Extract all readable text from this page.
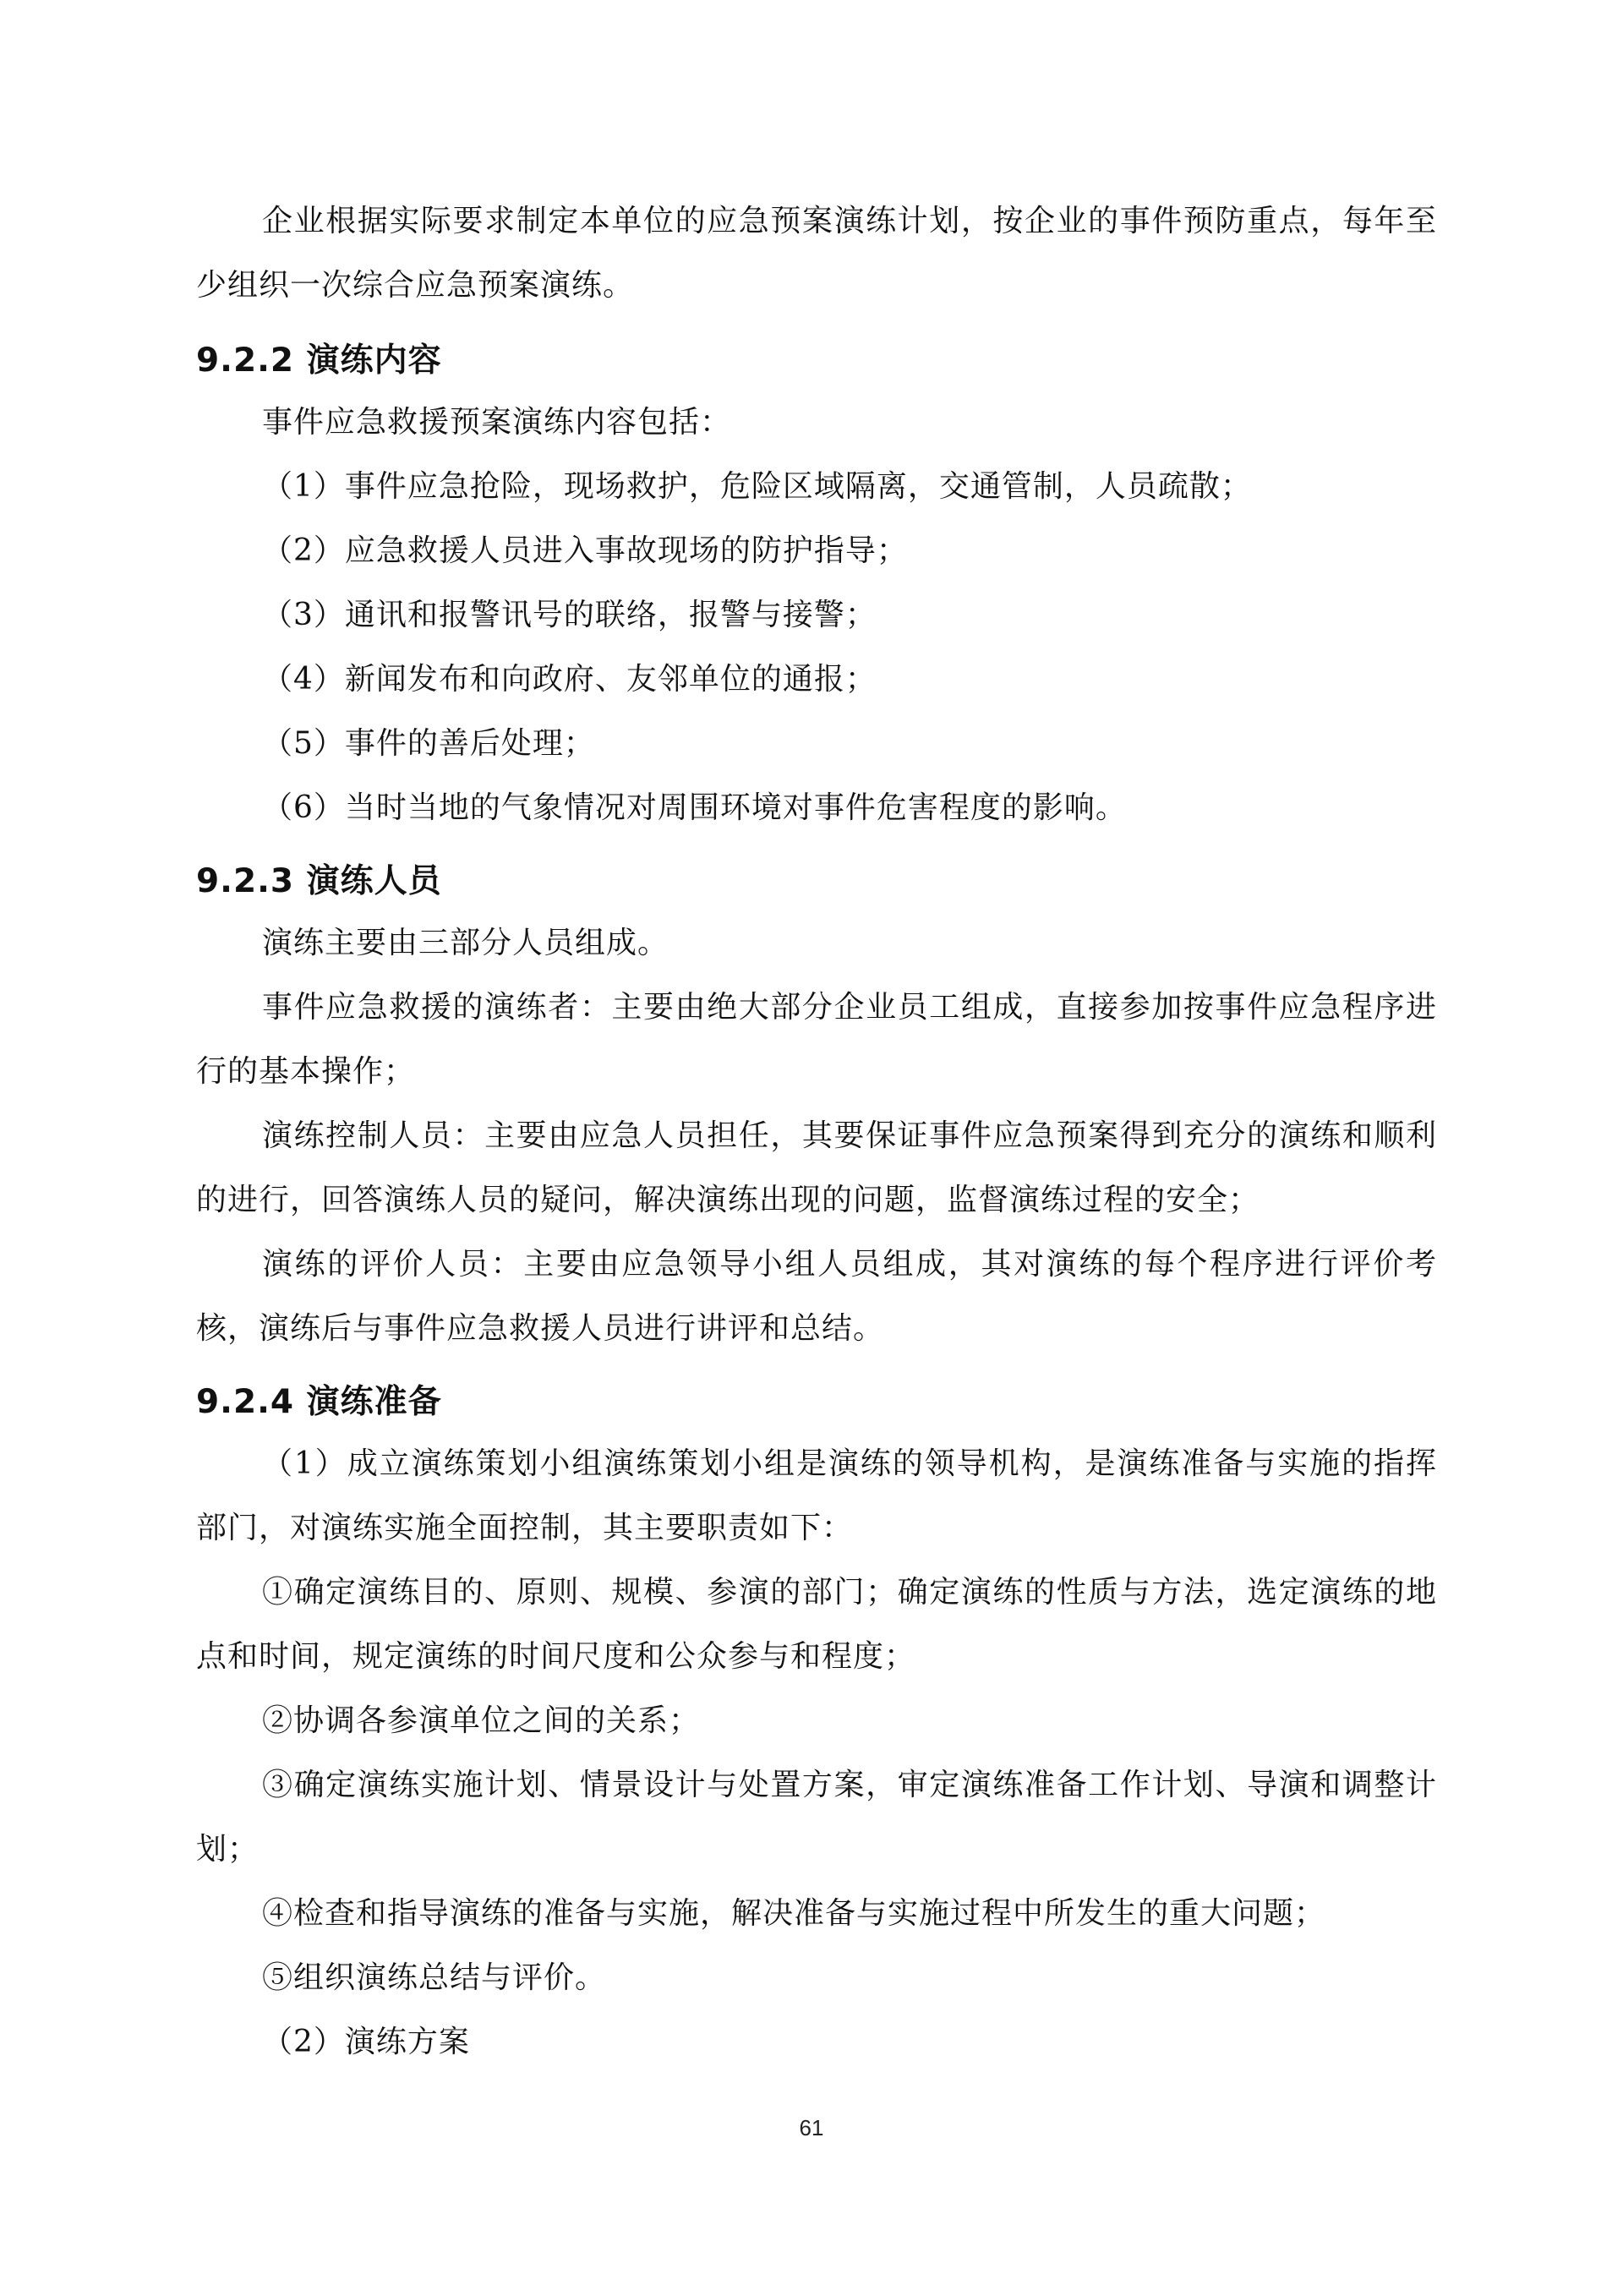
企业根据实际要求制定本单位的应急预案演练计划，按企业的事件预防重点，每年至少组织一次综合应急预案演练。

9.2.2 演练内容

事件应急救援预案演练内容包括：

（1）事件应急抢险，现场救护，危险区域隔离，交通管制，人员疏散；

（2）应急救援人员进入事故现场的防护指导；

（3）通讯和报警讯号的联络，报警与接警；

（4）新闻发布和向政府、友邻单位的通报；

（5）事件的善后处理；

（6）当时当地的气象情况对周围环境对事件危害程度的影响。

9.2.3 演练人员

演练主要由三部分人员组成。

事件应急救援的演练者：主要由绝大部分企业员工组成，直接参加按事件应急程序进行的基本操作；

演练控制人员：主要由应急人员担任，其要保证事件应急预案得到充分的演练和顺利的进行，回答演练人员的疑问，解决演练出现的问题，监督演练过程的安全；

演练的评价人员：主要由应急领导小组人员组成，其对演练的每个程序进行评价考核，演练后与事件应急救援人员进行讲评和总结。

9.2.4 演练准备

（1）成立演练策划小组演练策划小组是演练的领导机构，是演练准备与实施的指挥部门，对演练实施全面控制，其主要职责如下：

①确定演练目的、原则、规模、参演的部门；确定演练的性质与方法，选定演练的地点和时间，规定演练的时间尺度和公众参与和程度；

②协调各参演单位之间的关系；

③确定演练实施计划、情景设计与处置方案，审定演练准备工作计划、导演和调整计划；

④检查和指导演练的准备与实施，解决准备与实施过程中所发生的重大问题；

⑤组织演练总结与评价。

（2）演练方案

61
